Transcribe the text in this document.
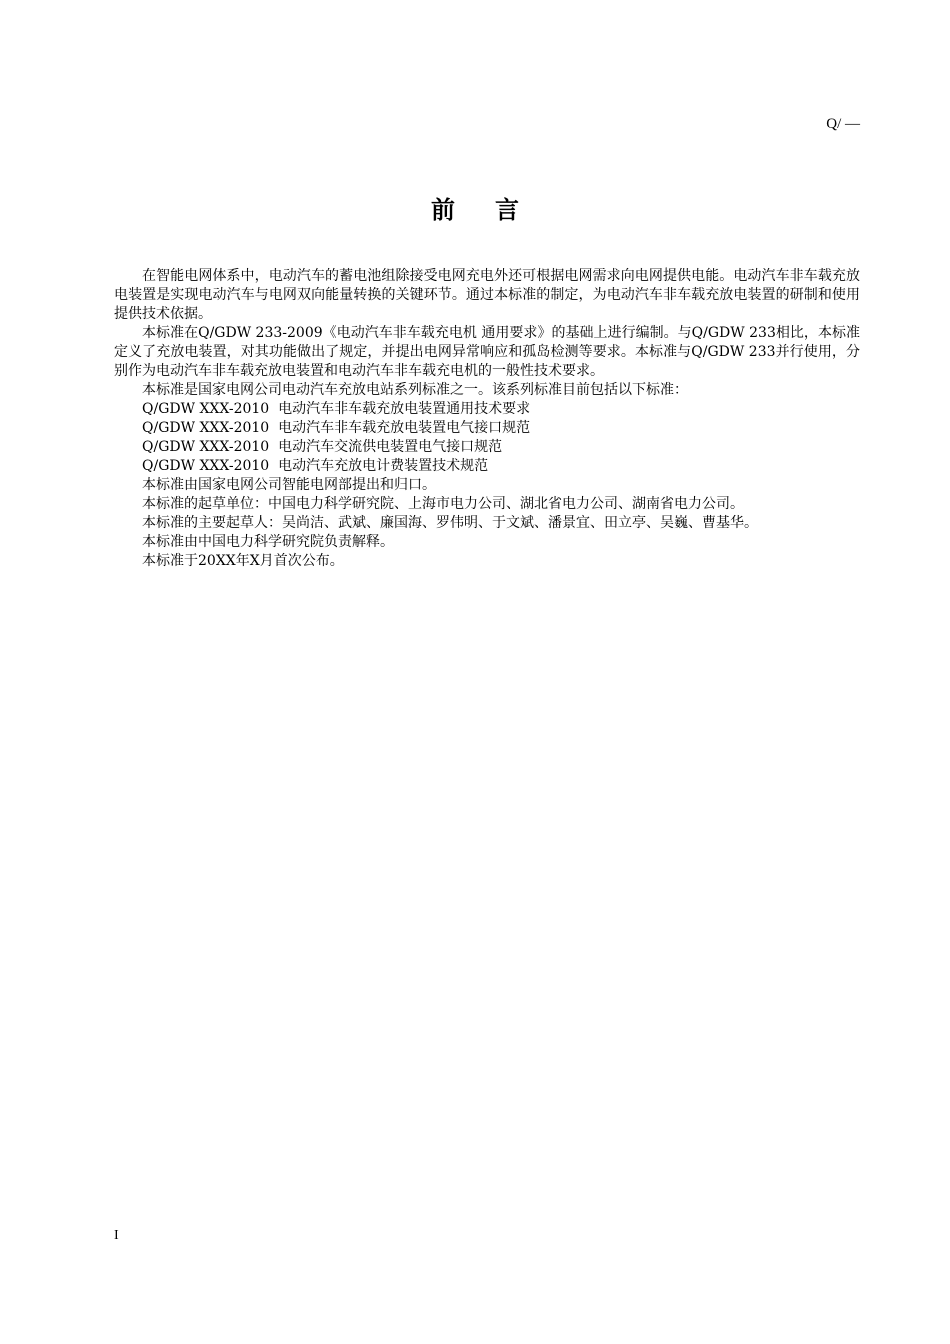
Q/ —
前言

在智能电网体系中，电动汽车的蓄电池组除接受电网充电外还可根据电网需求向电网提供电能。电动汽车非车载充放电装置是实现电动汽车与电网双向能量转换的关键环节。通过本标准的制定，为电动汽车非车载充放电装置的研制和使用提供技术依据。

本标准在Q/GDW 233-2009《电动汽车非车载充电机 通用要求》的基础上进行编制。与Q/GDW 233相比，本标准定义了充放电装置，对其功能做出了规定，并提出电网异常响应和孤岛检测等要求。本标准与Q/GDW 233并行使用，分别作为电动汽车非车载充放电装置和电动汽车非车载充电机的一般性技术要求。

本标准是国家电网公司电动汽车充放电站系列标准之一。该系列标准目前包括以下标准：

Q/GDW XXX-2010  电动汽车非车载充放电装置通用技术要求

Q/GDW XXX-2010  电动汽车非车载充放电装置电气接口规范

Q/GDW XXX-2010  电动汽车交流供电装置电气接口规范

Q/GDW XXX-2010  电动汽车充放电计费装置技术规范

本标准由国家电网公司智能电网部提出和归口。

本标准的起草单位：中国电力科学研究院、上海市电力公司、湖北省电力公司、湖南省电力公司。

本标准的主要起草人：吴尚洁、武斌、廉国海、罗伟明、于文斌、潘景宜、田立亭、吴巍、曹基华。

本标准由中国电力科学研究院负责解释。

本标准于20XX年X月首次公布。

I
